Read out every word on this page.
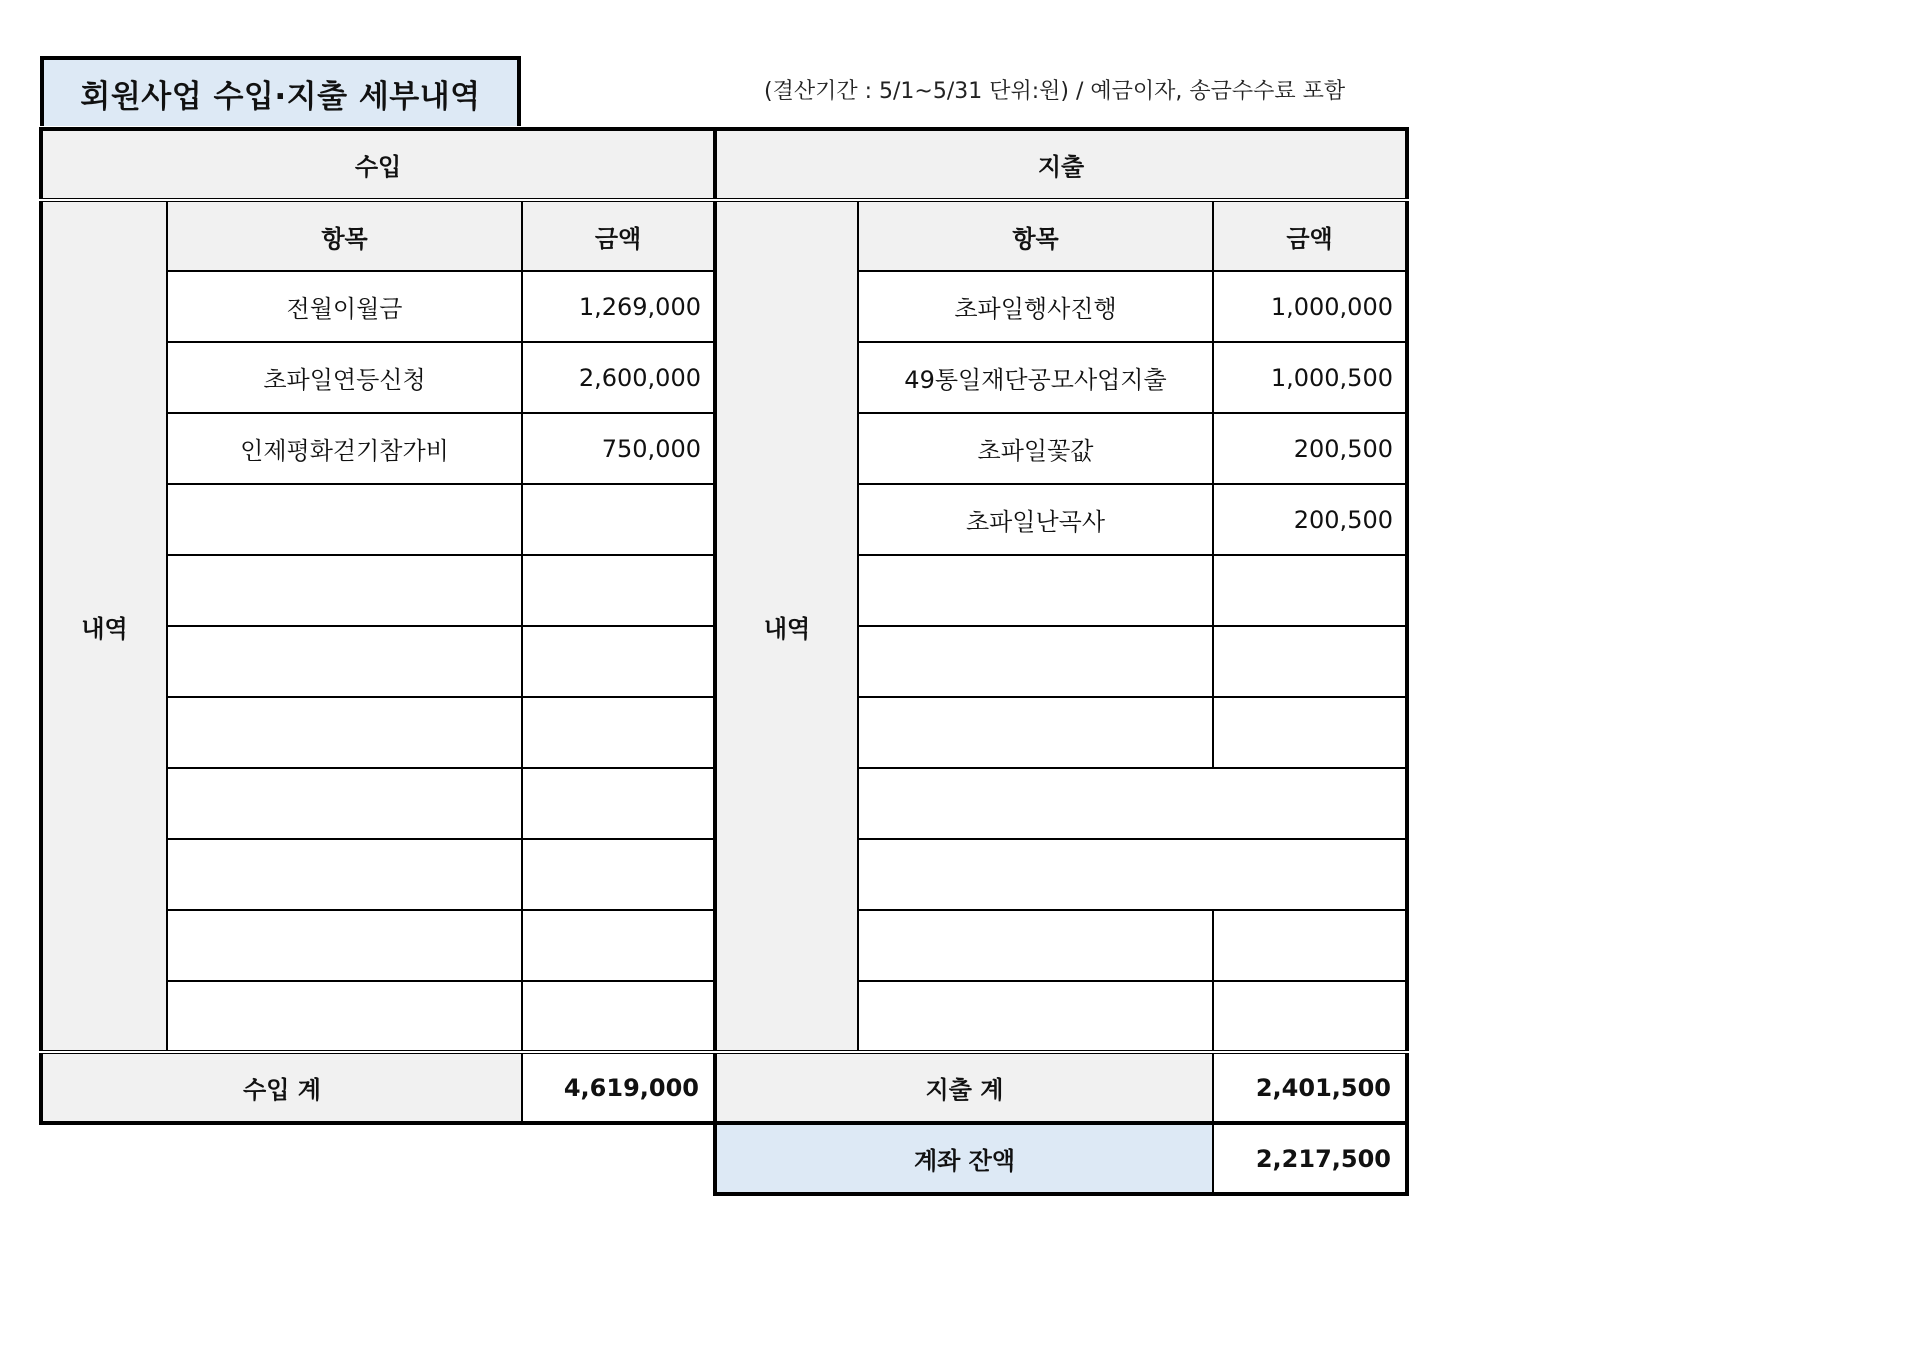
회원사업 수입·지출 세부내역	(결산기간 : 5/1~5/31 단위:원) / 예금이자, 송금수수료 포함
수입			지출		
내역	항목	금액	내역	항목	금액
	전월이월금	1,269,000		초파일행사진행	1,000,000
	초파일연등신청	2,600,000		49통일재단공모사업지출	1,000,500
	인제평화걷기참가비	750,000		초파일꽃값	200,500
				초파일난곡사	200,500

수입 계		4,619,000	지출 계		2,401,500
			계좌 잔액		2,217,500
